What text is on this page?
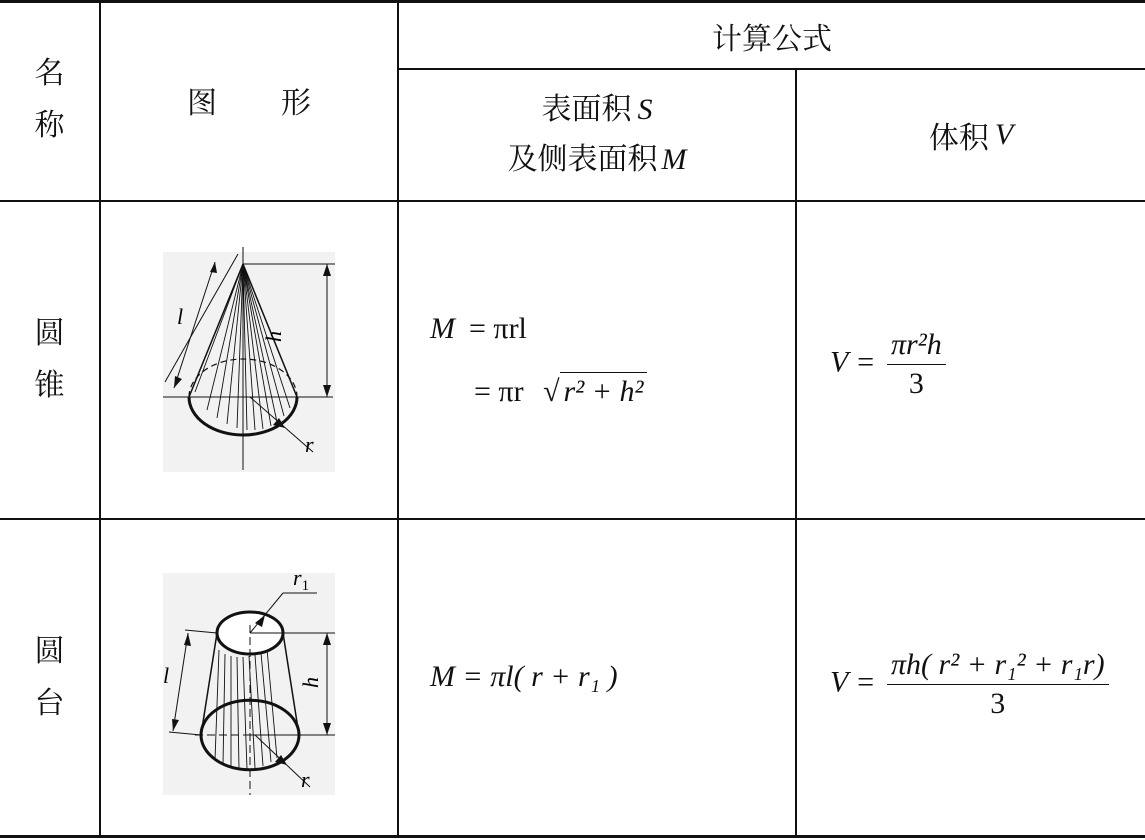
名
称
图 形
计算公式
表面积 S
及侧表面积 M
体积 V
圆
锥
h
l
r
M = πrl
= πr √ r² + h²
$V = \frac{\text{πr²h}}{3}$
圆
台
$r_1$
h
l
r
M = πl( r + r₁ )	$V = \frac{\text{πh( r² + r₁² + r₁r)}}{3}$
